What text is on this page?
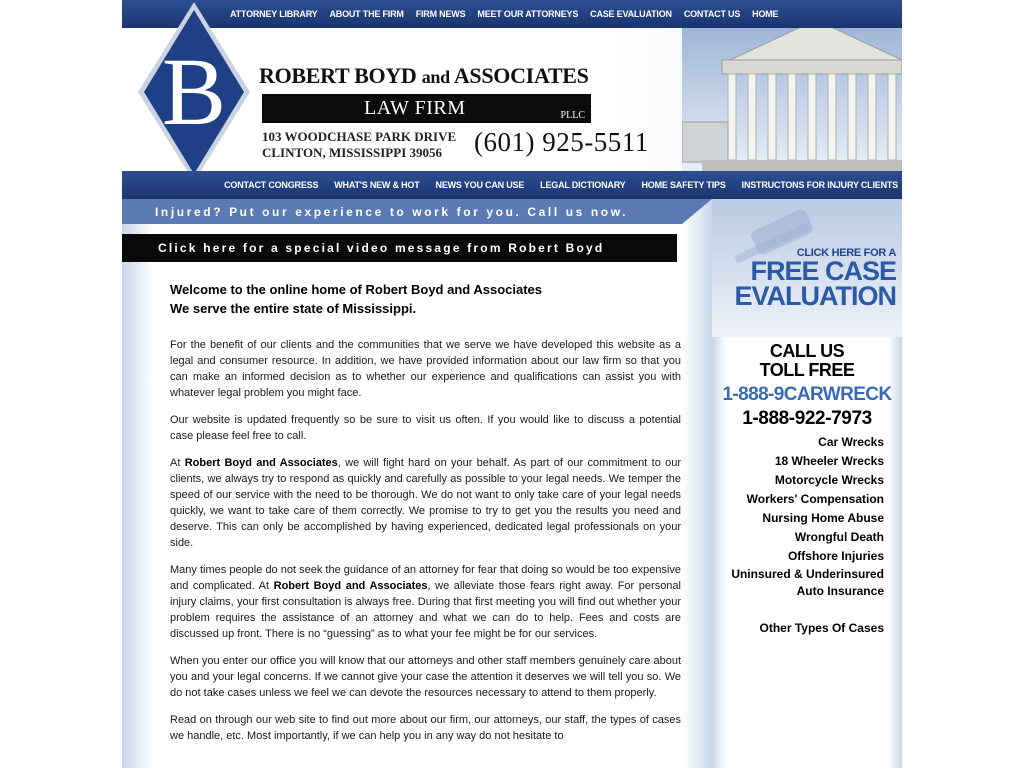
ATTORNEY LIBRARY ABOUT THE FIRM FIRM NEWS MEET OUR ATTORNEYS CASE EVALUATION CONTACT US HOME
B ROBERT BOYD and ASSOCIATES
LAW FIRM	PLLC
103 WOODCHASE PARK DRIVE
CLINTON, MISSISSIPPI 39056	(601) 925-5511
CONTACT CONGRESS WHAT'S NEW & HOT NEWS YOU CAN USE LEGAL DICTIONARY HOME SAFETY TIPS INSTRUCTONS FOR INJURY CLIENTS
Injured? Put our experience to work for you. Call us now.
Click here for a special video message from Robert Boyd
Welcome to the online home of Robert Boyd and Associates
We serve the entire state of Mississippi.

For the benefit of our clients and the communities that we serve we have developed this website as a legal and consumer resource. In addition, we have provided information about our law firm so that you can make an informed decision as to whether our experience and qualifications can assist you with whatever legal problem you might face.

Our website is updated frequently so be sure to visit us often. If you would like to discuss a potential case please feel free to call.

At Robert Boyd and Associates, we will fight hard on your behalf. As part of our commitment to our clients, we always try to respond as quickly and carefully as possible to your legal needs. We temper the speed of our service with the need to be thorough. We do not want to only take care of your legal needs quickly, we want to take care of them correctly. We promise to try to get you the results you need and deserve. This can only be accomplished by having experienced, dedicated legal professionals on your side.

Many times people do not seek the guidance of an attorney for fear that doing so would be too expensive and complicated. At Robert Boyd and Associates, we alleviate those fears right away. For personal injury claims, your first consultation is always free. During that first meeting you will find out whether your problem requires the assistance of an attorney and what we can do to help. Fees and costs are discussed up front. There is no “guessing” as to what your fee might be for our services.

When you enter our office you will know that our attorneys and other staff members genuinely care about you and your legal concerns. If we cannot give your case the attention it deserves we will tell you so. We do not take cases unless we feel we can devote the resources necessary to attend to them properly.

Read on through our web site to find out more about our firm, our attorneys, our staff, the types of cases we handle, etc. Most importantly, if we can help you in any way do not hesitate to

CLICK HERE FOR A
FREE CASE
EVALUATION
CALL US
TOLL FREE
1-888-9CARWRECK
1-888-922-7973
Car Wrecks
18 Wheeler Wrecks
Motorcycle Wrecks
Workers' Compensation
Nursing Home Abuse
Wrongful Death
Offshore Injuries
Uninsured & Underinsured
Auto Insurance
Other Types Of Cases
